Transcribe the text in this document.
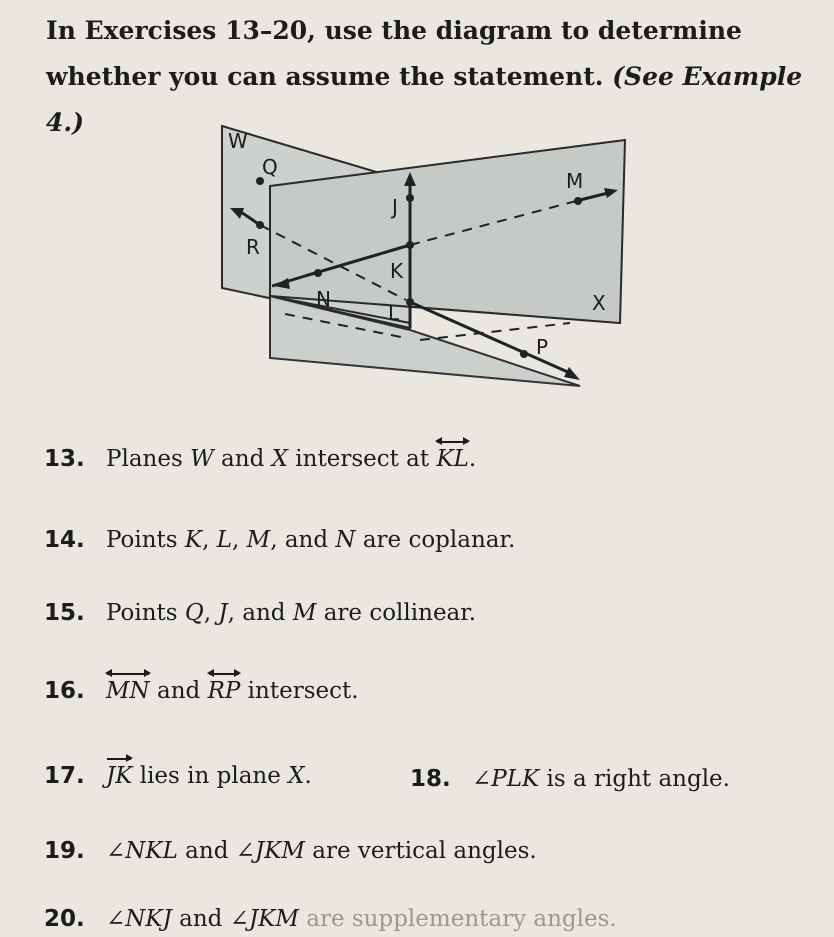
In Exercises 13–20, use the diagram to determine whether you can assume the statement. (See Example 4.)
W
X
Q
J
M
R
K
N
L
P
13. Planes W and X intersect at
KL.
14. Points K, L, M, and N are coplanar.
15. Points Q, J, and M are collinear.
16. MN and
RP intersect.
17. JK lies in plane X.	18. ∠PLK is a right angle.
19. ∠NKL and ∠JKM are vertical angles.
20. ∠NKJ and ∠JKM are supplementary angles.
